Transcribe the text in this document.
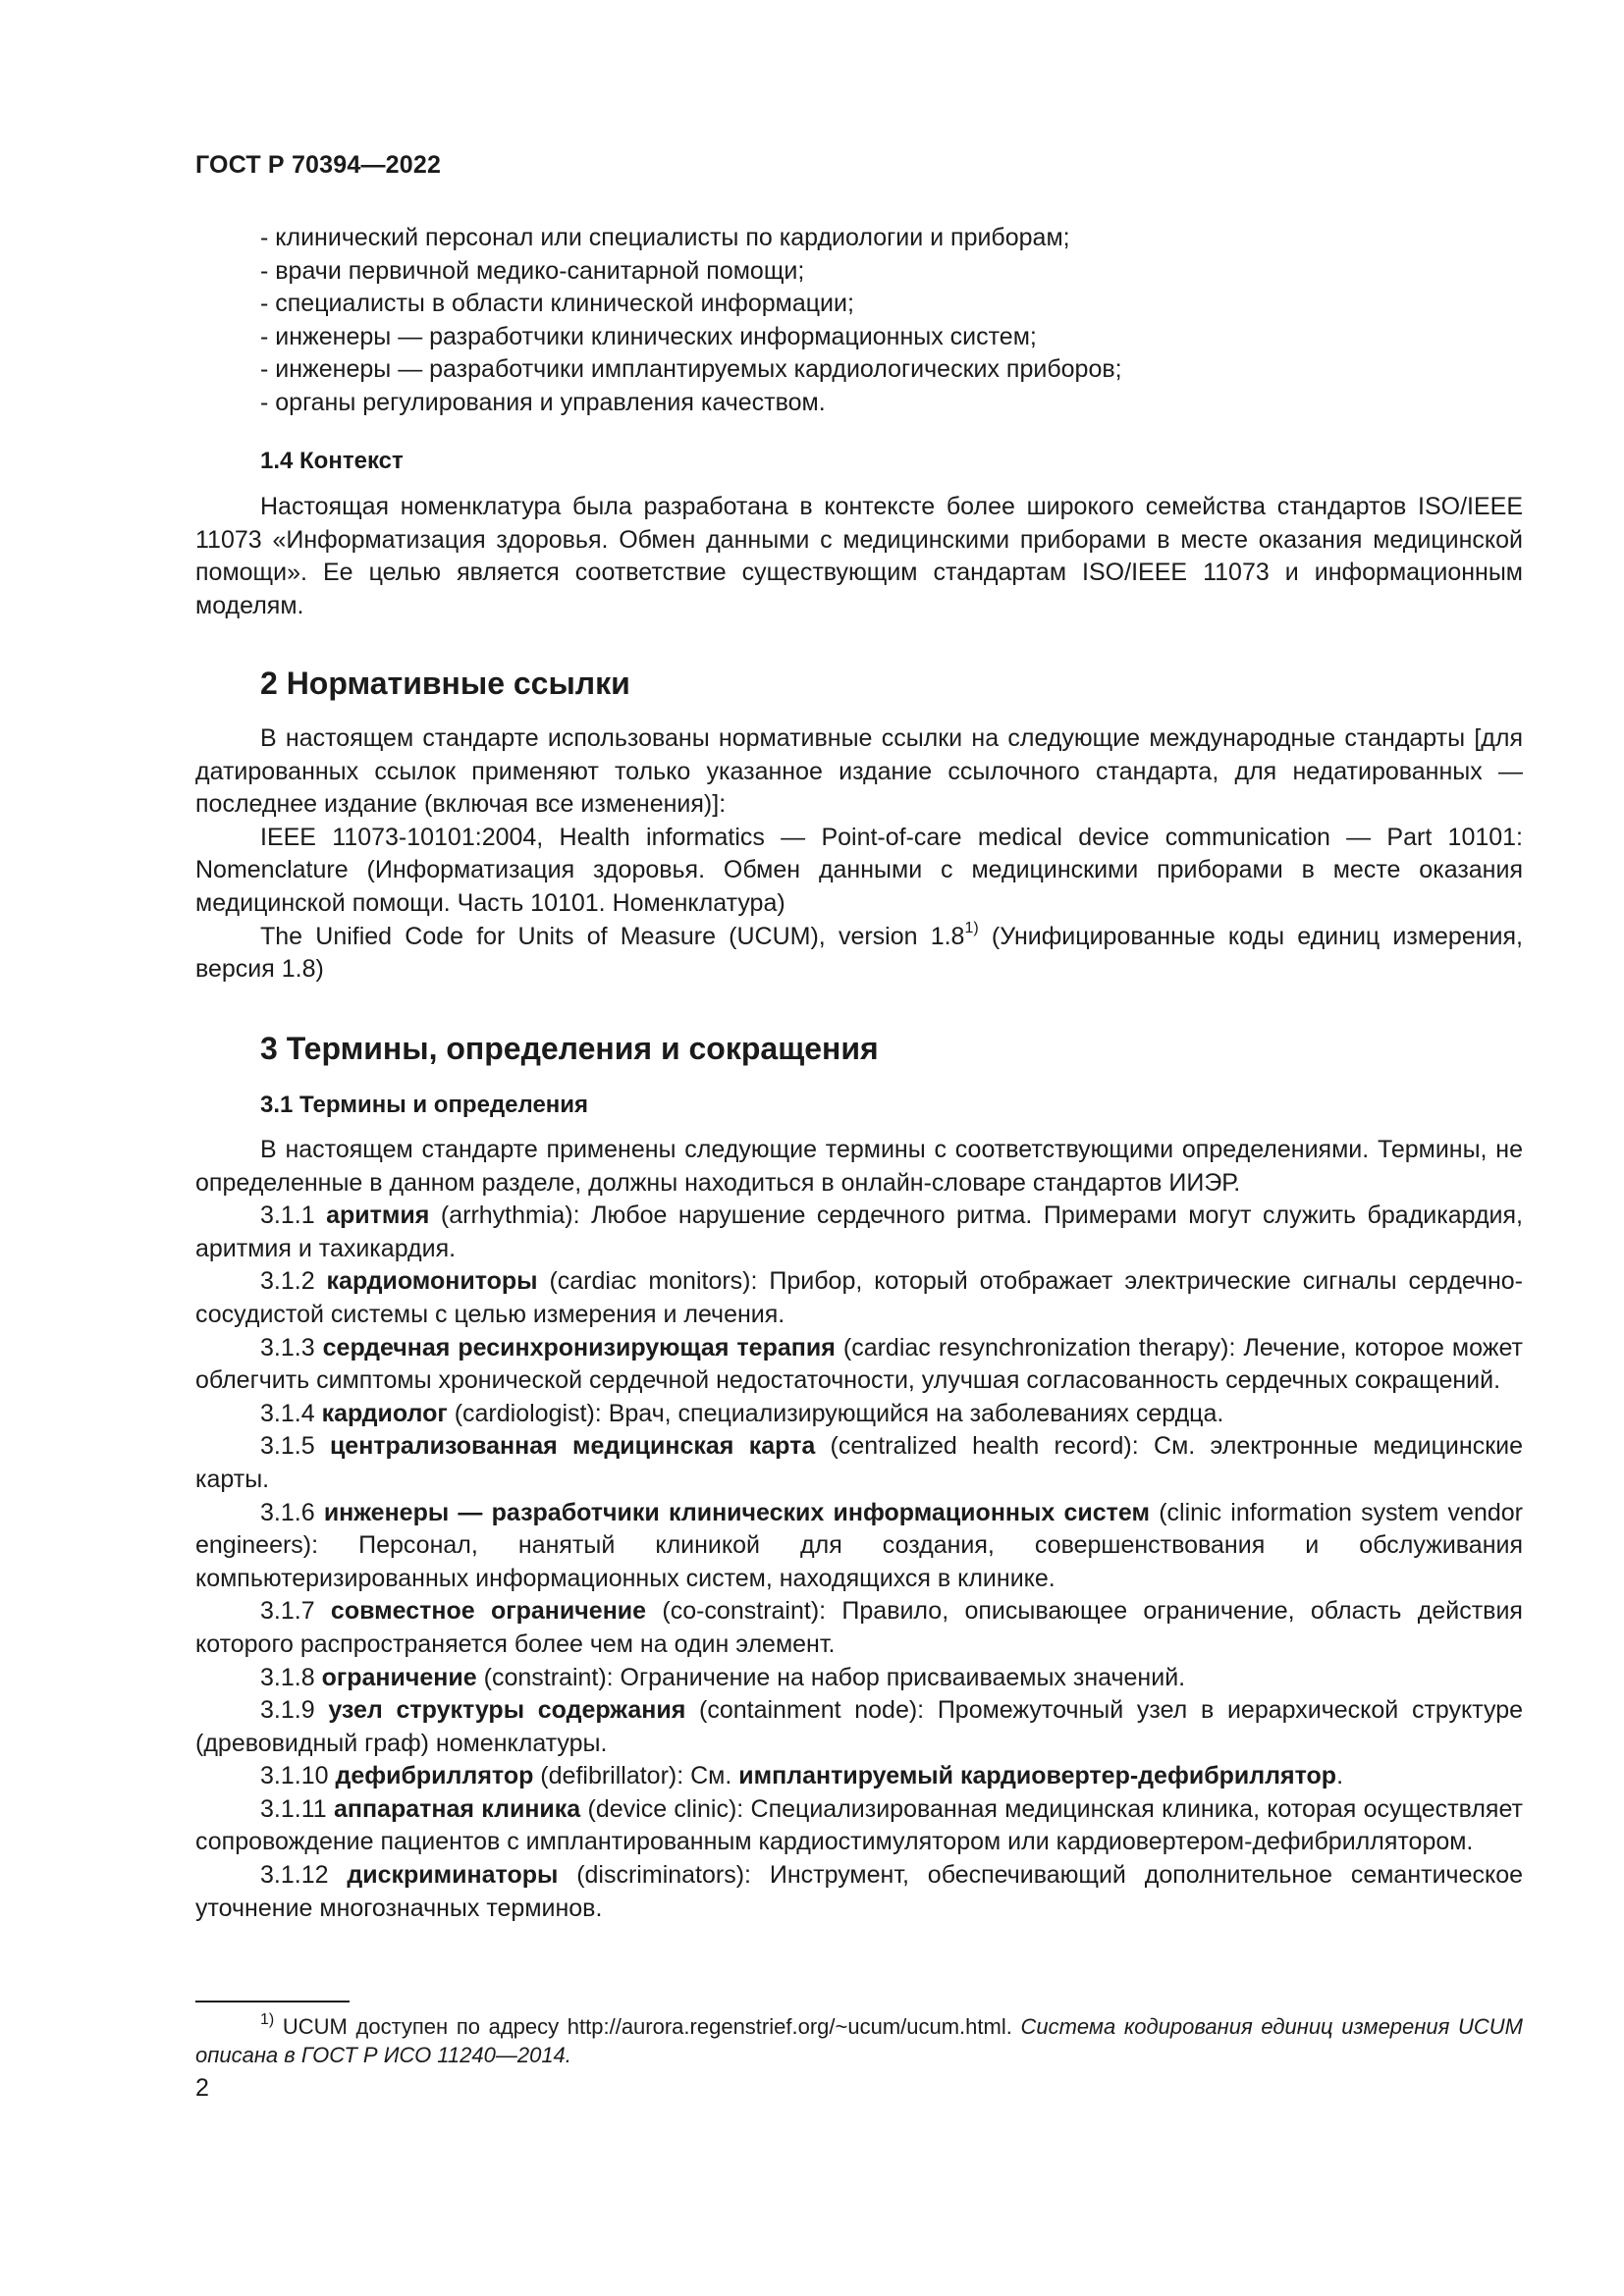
ГОСТ Р 70394—2022
- клинический персонал или специалисты по кардиологии и приборам;
- врачи первичной медико-санитарной помощи;
- специалисты в области клинической информации;
- инженеры — разработчики клинических информационных систем;
- инженеры — разработчики имплантируемых кардиологических приборов;
- органы регулирования и управления качеством.
1.4 Контекст
Настоящая номенклатура была разработана в контексте более широкого семейства стандартов ISO/IEEE 11073 «Информатизация здоровья. Обмен данными с медицинскими приборами в месте оказания медицинской помощи». Ее целью является соответствие существующим стандартам ISO/IEEE 11073 и информационным моделям.
2 Нормативные ссылки

В настоящем стандарте использованы нормативные ссылки на следующие международные стандарты [для датированных ссылок применяют только указанное издание ссылочного стандарта, для недатированных — последнее издание (включая все изменения)]:

IEEE 11073-10101:2004, Health informatics — Point-of-care medical device communication — Part 10101: Nomenclature (Информатизация здоровья. Обмен данными с медицинскими приборами в месте оказания медицинской помощи. Часть 10101. Номенклатура)

The Unified Code for Units of Measure (UCUM), version 1.8$^{1)}$ (Унифицированные коды единиц измерения, версия 1.8)

3 Термины, определения и сокращения
3.1 Термины и определения

В настоящем стандарте применены следующие термины с соответствующими определениями. Термины, не определенные в данном разделе, должны находиться в онлайн-словаре стандартов ИИЭР.

3.1.1 аритмия (arrhythmia): Любое нарушение сердечного ритма. Примерами могут служить брадикардия, аритмия и тахикардия.

3.1.2 кардиомониторы (cardiac monitors): Прибор, который отображает электрические сигналы сердечно-сосудистой системы с целью измерения и лечения.

3.1.3 сердечная ресинхронизирующая терапия (cardiac resynchronization therapy): Лечение, которое может облегчить симптомы хронической сердечной недостаточности, улучшая согласованность сердечных сокращений.

3.1.4 кардиолог (cardiologist): Врач, специализирующийся на заболеваниях сердца.

3.1.5 централизованная медицинская карта (centralized health record): См. электронные медицинские карты.

3.1.6 инженеры — разработчики клинических информационных систем (clinic information system vendor engineers): Персонал, нанятый клиникой для создания, совершенствования и обслуживания компьютеризированных информационных систем, находящихся в клинике.

3.1.7 совместное ограничение (co-constraint): Правило, описывающее ограничение, область действия которого распространяется более чем на один элемент.

3.1.8 ограничение (constraint): Ограничение на набор присваиваемых значений.

3.1.9 узел структуры содержания (containment node): Промежуточный узел в иерархической структуре (древовидный граф) номенклатуры.

3.1.10 дефибриллятор (defibrillator): См. имплантируемый кардиовертер-дефибриллятор.

3.1.11 аппаратная клиника (device clinic): Специализированная медицинская клиника, которая осуществляет сопровождение пациентов с имплантированным кардиостимулятором или кардиовертером-дефибриллятором.

3.1.12 дискриминаторы (discriminators): Инструмент, обеспечивающий дополнительное семантическое уточнение многозначных терминов.

$^{1)}$ UCUM доступен по адресу http://aurora.regenstrief.org/~ucum/ucum.html. Система кодирования единиц измерения UCUM описана в ГОСТ Р ИСО 11240—2014.
2
